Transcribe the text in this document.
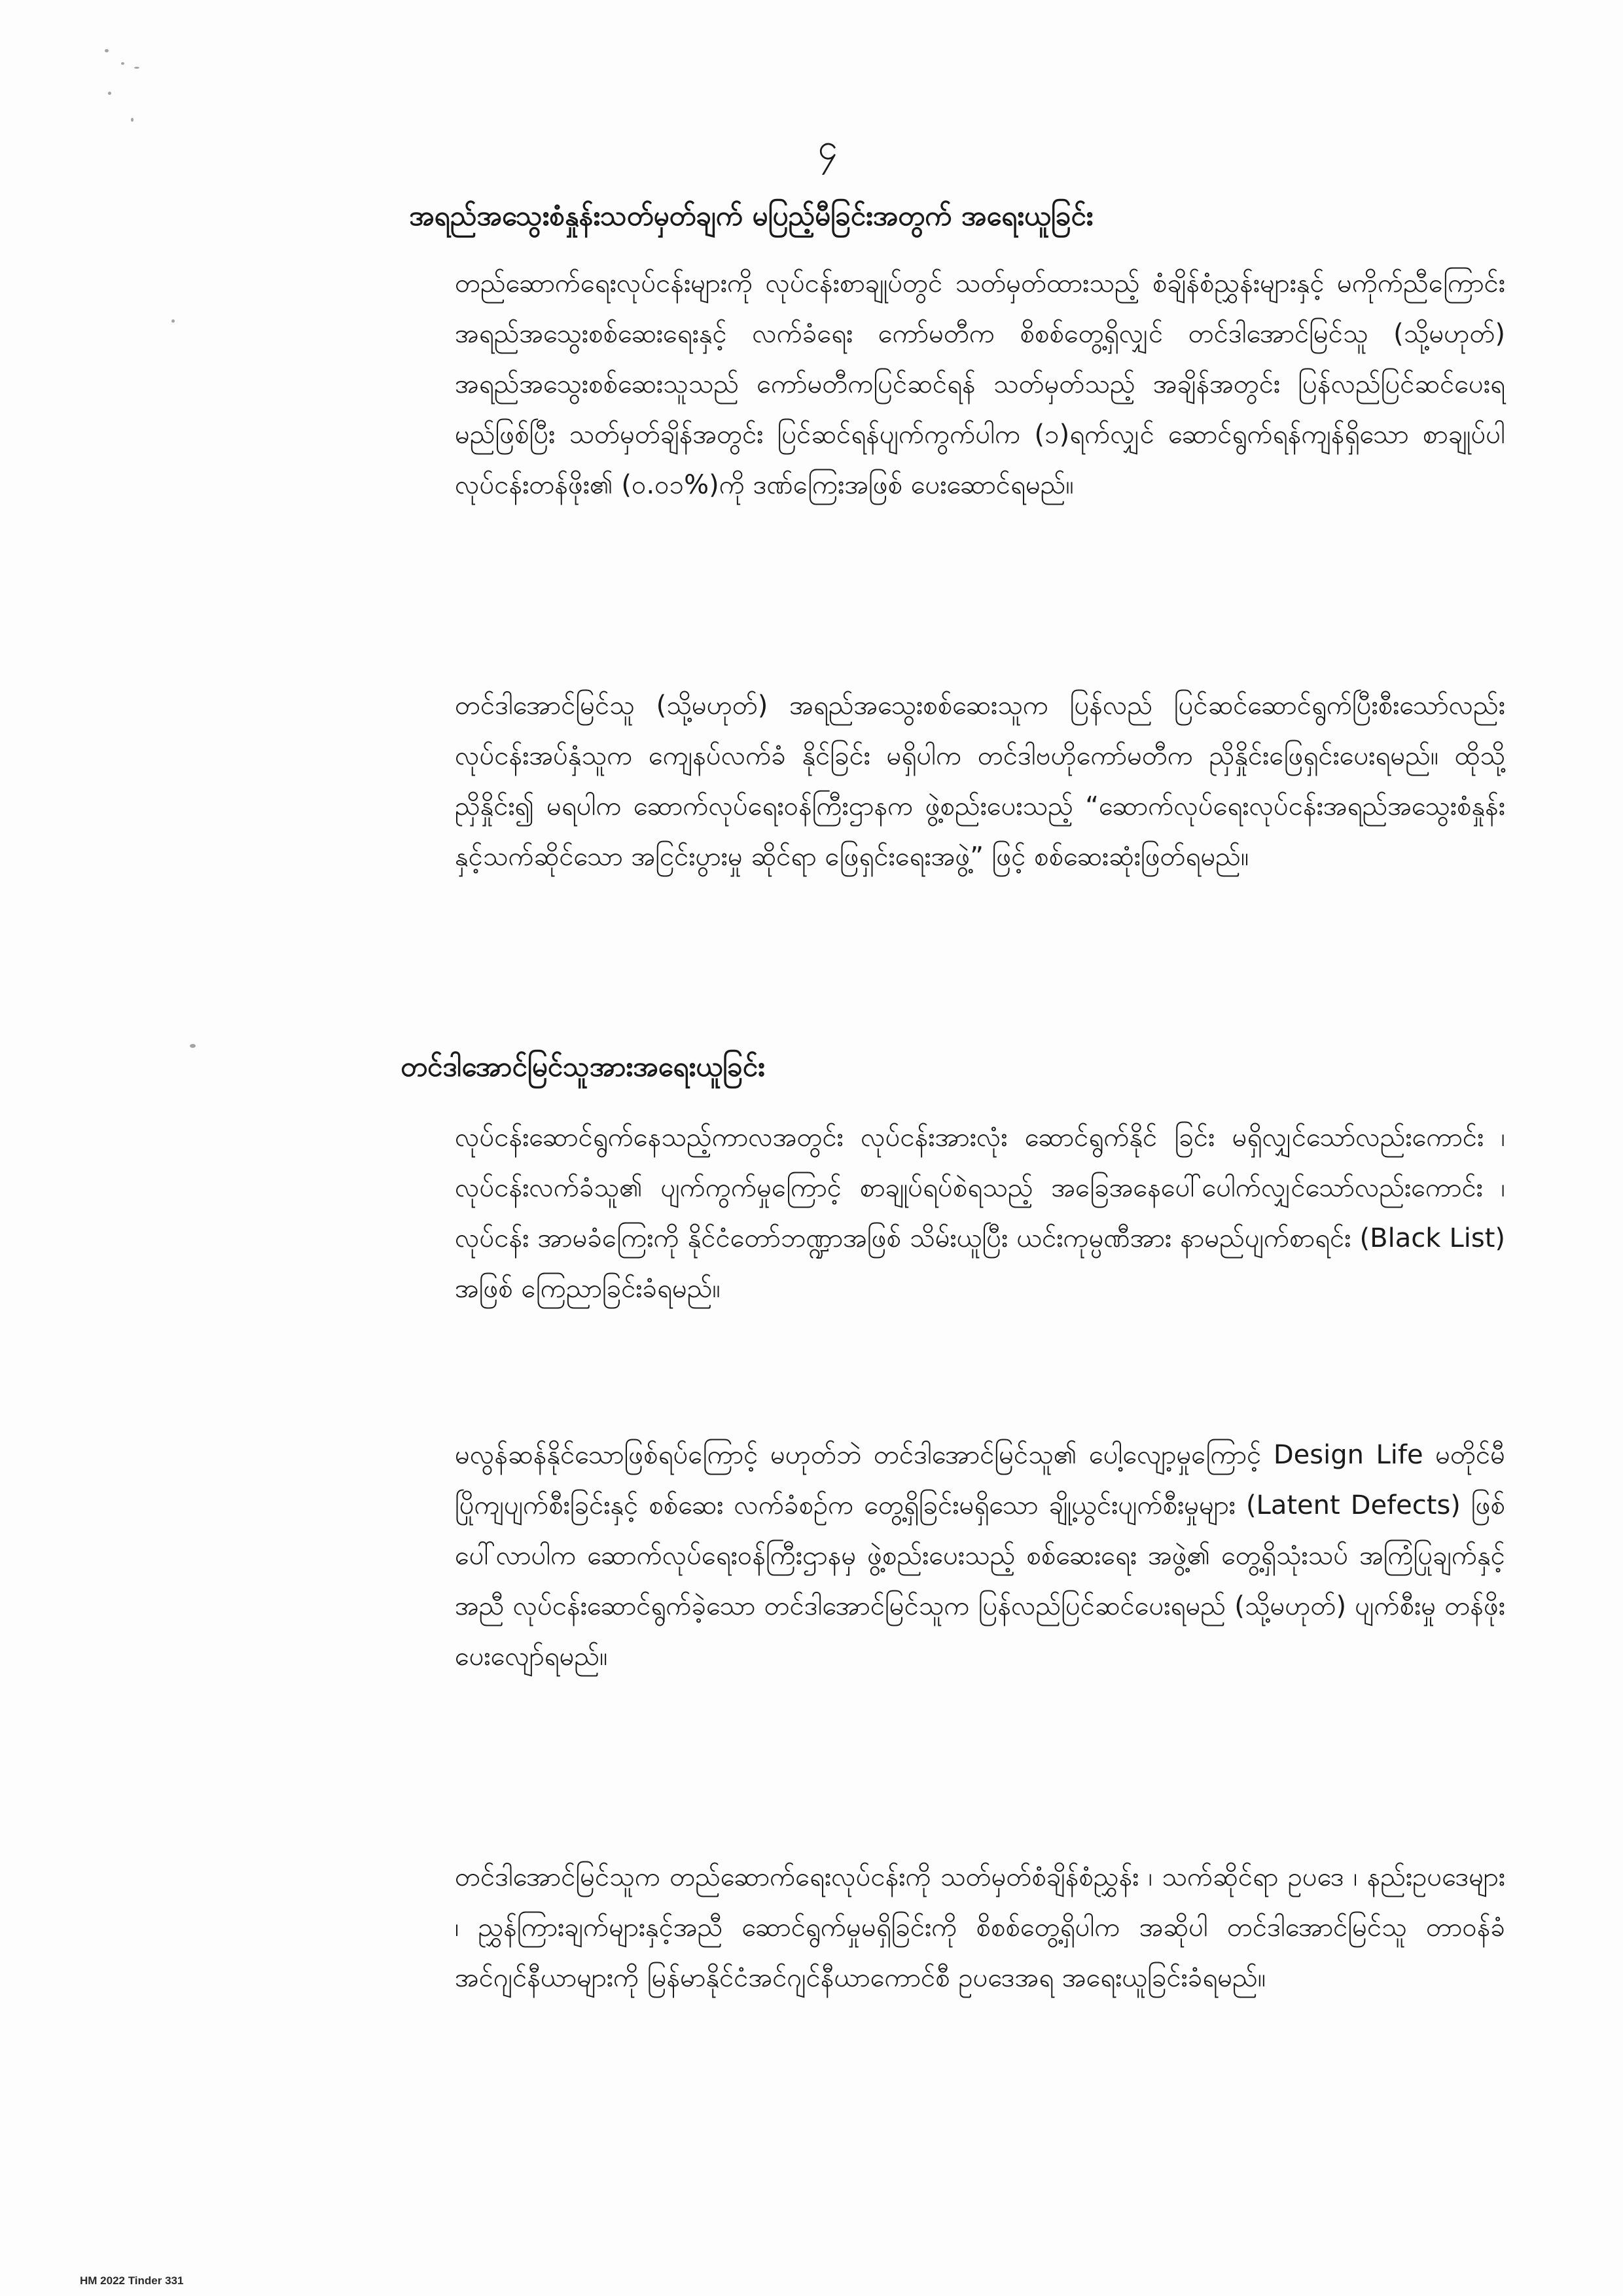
၄
အရည်အသွေးစံနှုန်းသတ်မှတ်ချက် မပြည့်မီခြင်းအတွက် အရေးယူခြင်း
တည်ဆောက်ရေးလုပ်ငန်းများကို လုပ်ငန်းစာချုပ်တွင် သတ်မှတ်ထားသည့် စံချိန်စံညွှန်းများနှင့် မကိုက်ညီကြောင်း အရည်အသွေးစစ်ဆေးရေးနှင့် လက်ခံရေး ကော်မတီက စိစစ်တွေ့ရှိလျှင် တင်ဒါအောင်မြင်သူ (သို့မဟုတ်) အရည်အသွေးစစ်ဆေးသူသည် ကော်မတီကပြင်ဆင်ရန် သတ်မှတ်သည့် အချိန်အတွင်း ပြန်လည်ပြင်ဆင်ပေးရမည်ဖြစ်ပြီး သတ်မှတ်ချိန်အတွင်း ပြင်ဆင်ရန်ပျက်ကွက်ပါက (၁)ရက်လျှင် ဆောင်ရွက်ရန်ကျန်ရှိသော စာချုပ်ပါ လုပ်ငန်းတန်ဖိုး၏ (၀.၀၁%)ကို ဒဏ်ကြေးအဖြစ် ပေးဆောင်ရမည်။
တင်ဒါအောင်မြင်သူ (သို့မဟုတ်) အရည်အသွေးစစ်ဆေးသူက ပြန်လည် ပြင်ဆင်ဆောင်ရွက်ပြီးစီးသော်လည်း လုပ်ငန်းအပ်နှံသူက ကျေနပ်လက်ခံ နိုင်ခြင်း မရှိပါက တင်ဒါဗဟိုကော်မတီက ညှိနှိုင်းဖြေရှင်းပေးရမည်။ ထိုသို့ ညှိနှိုင်း၍ မရပါက ဆောက်လုပ်ရေးဝန်ကြီးဌာနက ဖွဲ့စည်းပေးသည့် “ဆောက်လုပ်ရေးလုပ်ငန်းအရည်အသွေးစံနှုန်းနှင့်သက်ဆိုင်သော အငြင်းပွားမှု ဆိုင်ရာ ဖြေရှင်းရေးအဖွဲ့” ဖြင့် စစ်ဆေးဆုံးဖြတ်ရမည်။
တင်ဒါအောင်မြင်သူအားအရေးယူခြင်း
လုပ်ငန်းဆောင်ရွက်နေသည့်ကာလအတွင်း လုပ်ငန်းအားလုံး ဆောင်ရွက်နိုင် ခြင်း မရှိလျှင်သော်လည်းကောင်း ၊ လုပ်ငန်းလက်ခံသူ၏ ပျက်ကွက်မှုကြောင့် စာချုပ်ရပ်စဲရသည့် အခြေအနေပေါ်ပေါက်လျှင်သော်လည်းကောင်း ၊ လုပ်ငန်း အာမခံကြေးကို နိုင်ငံတော်ဘဏ္ဍာအဖြစ် သိမ်းယူပြီး ယင်းကုမ္ပဏီအား နာမည်ပျက်စာရင်း (Black List) အဖြစ် ကြေညာခြင်းခံရမည်။
မလွန်ဆန်နိုင်သောဖြစ်ရပ်ကြောင့် မဟုတ်ဘဲ တင်ဒါအောင်မြင်သူ၏ ပေါ့လျော့မှုကြောင့် Design Life မတိုင်မီ ပြိုကျပျက်စီးခြင်းနှင့် စစ်ဆေး လက်ခံစဉ်က တွေ့ရှိခြင်းမရှိသော ချို့ယွင်းပျက်စီးမှုများ (Latent Defects) ဖြစ်ပေါ်လာပါက ဆောက်လုပ်ရေးဝန်ကြီးဌာနမှ ဖွဲ့စည်းပေးသည့် စစ်ဆေးရေး အဖွဲ့၏ တွေ့ရှိသုံးသပ် အကြံပြုချက်နှင့်အညီ လုပ်ငန်းဆောင်ရွက်ခဲ့သော တင်ဒါအောင်မြင်သူက ပြန်လည်ပြင်ဆင်ပေးရမည် (သို့မဟုတ်) ပျက်စီးမှု တန်ဖိုးပေးလျော်ရမည်။
တင်ဒါအောင်မြင်သူက တည်ဆောက်ရေးလုပ်ငန်းကို သတ်မှတ်စံချိန်စံညွှန်း ၊ သက်ဆိုင်ရာ ဥပဒေ ၊ နည်းဥပဒေများ ၊ ညွှန်ကြားချက်များနှင့်အညီ ဆောင်ရွက်မှုမရှိခြင်းကို စိစစ်တွေ့ရှိပါက အဆိုပါ တင်ဒါအောင်မြင်သူ တာဝန်ခံအင်ဂျင်နီယာများကို မြန်မာနိုင်ငံအင်ဂျင်နီယာကောင်စီ ဥပဒေအရ အရေးယူခြင်းခံရမည်။
HM 2022 Tinder 331
